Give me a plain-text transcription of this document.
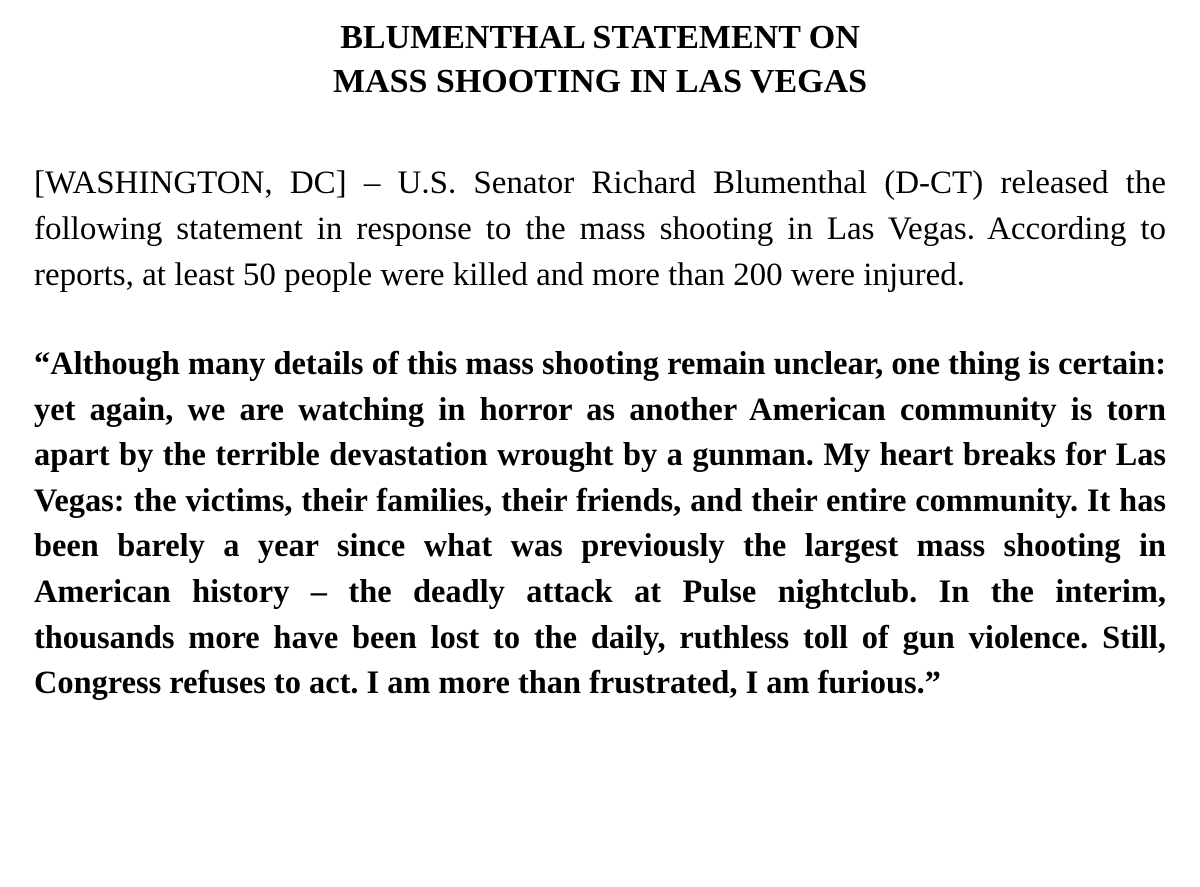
BLUMENTHAL STATEMENT ON
MASS SHOOTING IN LAS VEGAS

[WASHINGTON, DC] – U.S. Senator Richard Blumenthal (D-CT) released the following statement in response to the mass shooting in Las Vegas. According to reports, at least 50 people were killed and more than 200 were injured.

“Although many details of this mass shooting remain unclear, one thing is certain: yet again, we are watching in horror as another American community is torn apart by the terrible devastation wrought by a gunman. My heart breaks for Las Vegas: the victims, their families, their friends, and their entire community. It has been barely a year since what was previously the largest mass shooting in American history – the deadly attack at Pulse nightclub. In the interim, thousands more have been lost to the daily, ruthless toll of gun violence. Still, Congress refuses to act. I am more than frustrated, I am furious.”
